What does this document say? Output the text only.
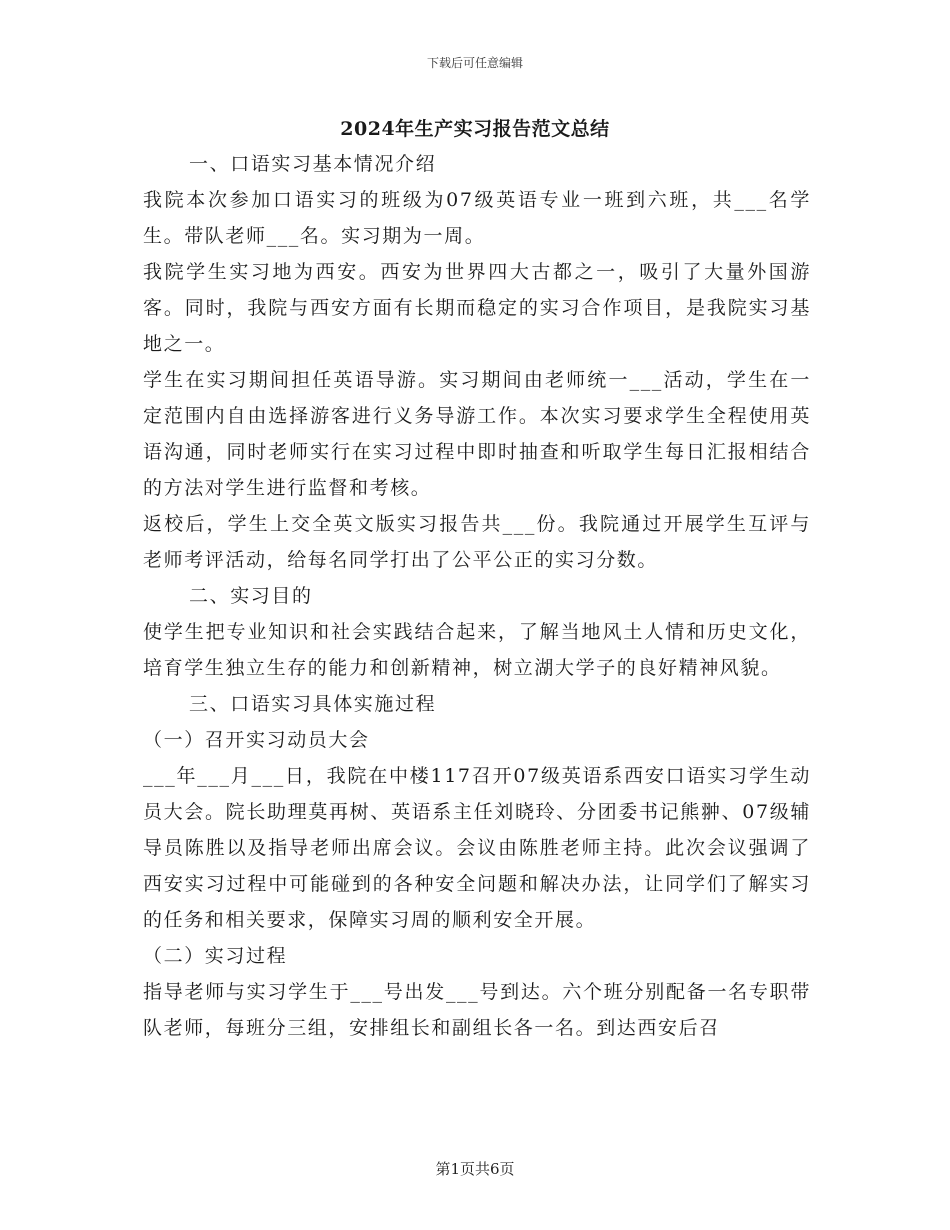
下载后可任意编辑
2024年生产实习报告范文总结

一、口语实习基本情况介绍

我院本次参加口语实习的班级为07级英语专业一班到六班，共___名学生。带队老师___名。实习期为一周。

我院学生实习地为西安。西安为世界四大古都之一，吸引了大量外国游客。同时，我院与西安方面有长期而稳定的实习合作项目，是我院实习基地之一。

学生在实习期间担任英语导游。实习期间由老师统一___活动，学生在一定范围内自由选择游客进行义务导游工作。本次实习要求学生全程使用英语沟通，同时老师实行在实习过程中即时抽查和听取学生每日汇报相结合的方法对学生进行监督和考核。

返校后，学生上交全英文版实习报告共___份。我院通过开展学生互评与老师考评活动，给每名同学打出了公平公正的实习分数。

二、实习目的

使学生把专业知识和社会实践结合起来，了解当地风土人情和历史文化，培育学生独立生存的能力和创新精神，树立湖大学子的良好精神风貌。

三、口语实习具体实施过程

（一）召开实习动员大会

___年___月___日，我院在中楼117召开07级英语系西安口语实习学生动员大会。院长助理莫再树、英语系主任刘晓玲、分团委书记熊翀、07级辅导员陈胜以及指导老师出席会议。会议由陈胜老师主持。此次会议强调了西安实习过程中可能碰到的各种安全问题和解决办法，让同学们了解实习的任务和相关要求，保障实习周的顺利安全开展。

（二）实习过程

指导老师与实习学生于___号出发___号到达。六个班分别配备一名专职带队老师，每班分三组，安排组长和副组长各一名。到达西安后召

第1页共6页
